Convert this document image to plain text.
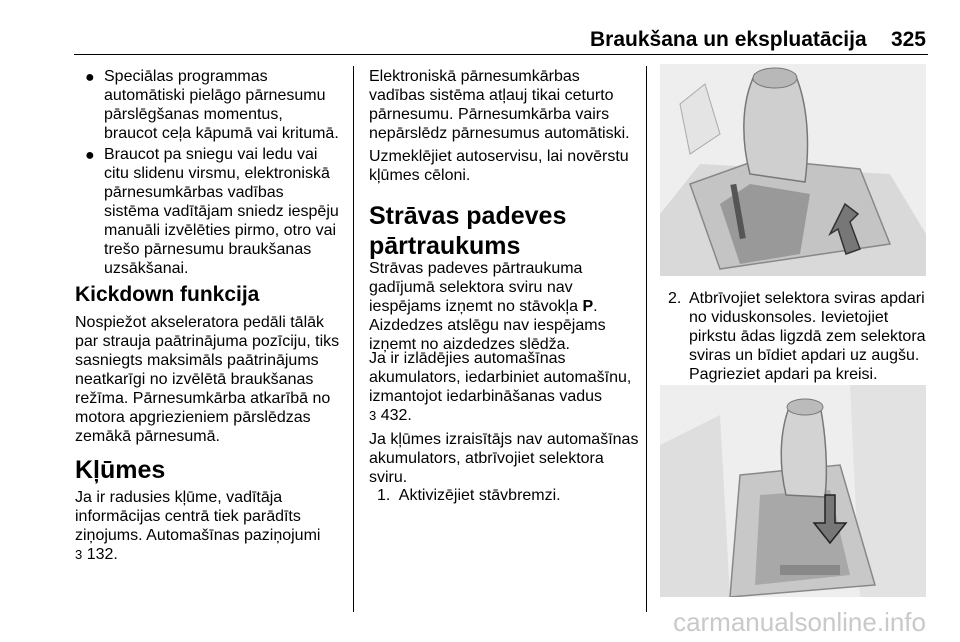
Braukšana un ekspluatācija	325
● Speciālas programmas
automātiski pielāgo pārnesumu
pārslēgšanas momentus,
braucot ceļa kāpumā vai kritumā.
● Braucot pa sniegu vai ledu vai
citu slidenu virsmu, elektroniskā
pārnesumkārbas vadības
sistēma vadītājam sniedz iespēju
manuāli izvēlēties pirmo, otro vai
trešo pārnesumu braukšanas
uzsākšanai.
Kickdown funkcija
Nospiežot akseleratora pedāli tālāk
par strauja paātrinājuma pozīciju, tiks
sasniegts maksimāls paātrinājums
neatkarīgi no izvēlētā braukšanas
režīma. Pārnesumkārba atkarībā no
motora apgriezieniem pārslēdzas
zemākā pārnesumā.
Kļūmes
Ja ir radusies kļūme, vadītāja
informācijas centrā tiek parādīts
ziņojums. Automašīnas paziņojumi
3 132.
Elektroniskā pārnesumkārbas
vadības sistēma atļauj tikai ceturto
pārnesumu. Pārnesumkārba vairs
nepārslēdz pārnesumus automātiski.
Uzmeklējiet autoservisu, lai novērstu
kļūmes cēloni.
Strāvas padeves
pārtraukums
Strāvas padeves pārtraukuma
gadījumā selektora sviru nav
iespējams izņemt no stāvokļa P.
Aizdedzes atslēgu nav iespējams
izņemt no aizdedzes slēdža.
Ja ir izlādējies automašīnas
akumulators, iedarbiniet automašīnu,
izmantojot iedarbināšanas vadus
3 432.
Ja kļūmes izraisītājs nav automašīnas
akumulators, atbrīvojiet selektora
sviru.
1. Aktivizējiet stāvbremzi.
2. Atbrīvojiet selektora sviras apdari
no viduskonsoles. Ievietojiet
pirkstu ādas ligzdā zem selektora
sviras un bīdiet apdari uz augšu.
Pagrieziet apdari pa kreisi.
carmanualsonline.info
